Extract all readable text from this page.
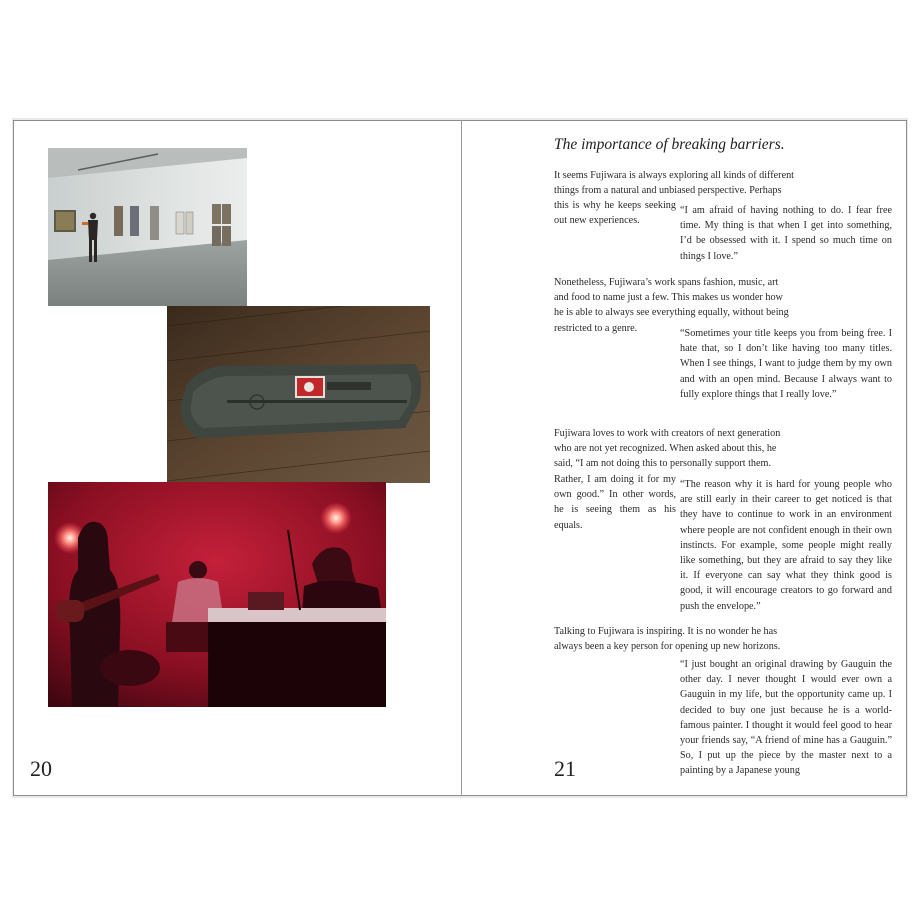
20
The importance of breaking barriers.

It seems Fujiwara is always exploring all kinds of different
things from a natural and unbiased perspective. Perhaps

this is why he keeps seeking out new experiences.

“I am afraid of having nothing to do. I fear free time. My thing is that when I get into something, I’d be obsessed with it. I spend so much time on things I love.”

Nonetheless, Fujiwara’s work spans fashion, music, art
and food to name just a few. This makes us wonder how
he is able to always see everything equally, without being

restricted to a genre.	“Sometimes your title keeps you from being free. I hate that, so I don’t like having too many titles. When I see things, I want to judge them by my own and with an open mind. Because I always want to fully explore things that I really love.”

Fujiwara loves to work with creators of next generation
who are not yet recognized. When asked about this, he
said, “I am not doing this to personally support them.

Rather, I am doing it for my own good.” In other words, he is seeing them as his equals.

“The reason why it is hard for young people who are still early in their career to get noticed is that they have to continue to work in an environment where people are not confident enough in their own instincts. For example, some people might really like something, but they are afraid to say they like it. If everyone can say what they think good is good, it will encourage creators to go forward and push the envelope.”

Talking to Fujiwara is inspiring. It is no wonder he has
always been a key person for opening up new horizons.

“I just bought an original drawing by Gauguin the other day. I never thought I would ever own a Gauguin in my life, but the opportunity came up. I decided to buy one just because he is a world-famous painter. I thought it would feel good to hear your friends say, “A friend of mine has a Gauguin.” So, I put up the piece by the master next to a painting by a Japanese young

21
